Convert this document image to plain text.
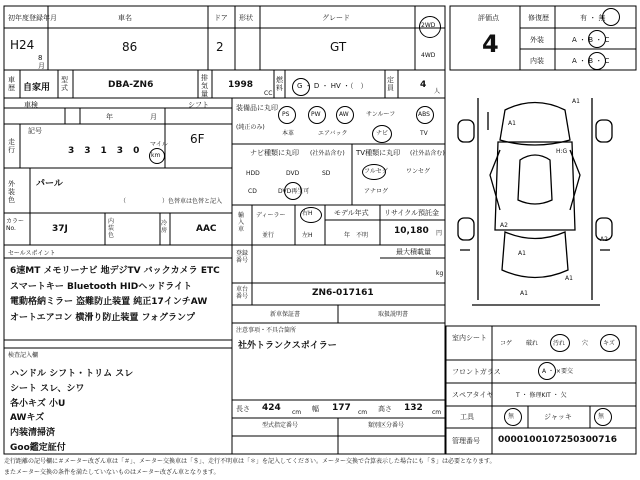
初年度登録年月
H24
8
月
車名
86
ドア
2
形状	グレード
GT
2WD
4WD
車歴 自家用
型式	DBA-ZN6
排気量
1998
CC
燃料 G ・ D ・ HV ・（　）
定員	4
人
評価点
4
修復歴	有 ・ 無
外装	A ・ B ・ C
内装	A ・ B ・ C
車検
年	月
記号
走行	33130
マイル
km
シフト
6F
装備品に丸印
(純正のみ)
PS	PW	AW	サンルーフ	ABS
本革	エアバック	ナビ	TV
ナビ種類に丸印 (社外品含む)
HDD	DVD	SD
CD	DVD再生可
TV種類に丸印 (社外品含む)
フルセグ	ワンセグ
アナログ
外装色
パール
（　　　　　　）色替車は色替と記入
カラーNo.	37J
内装色
冷房	AAC
輸入車
ディーラー
並行
右H
左H
モデル年式
年　不明
リサイクル預託金
10,180 円
最大積載量
kg
登録番号
車台番号	ZN6-017161
新車保証書	取扱説明書
セールスポイント
6速MT メモリーナビ 地デジTV バックカメラ ETC
スマートキー Bluetooth HIDヘッドライト
電動格納ミラー 盗難防止装置 純正17インチAW
オートエアコン 横滑り防止装置 フォグランプ
注意事項・不具合箇所
社外トランクスポイラー
検査記入欄
ハンドル シフト・トリム スレ
シート スレ、シワ
各小キズ 小U
AWキズ
内装清掃済
Goo鑑定証付
長さ 424 cm 幅 177 cm 高さ 132 cm
型式指定番号	類別区分番号
室内シート
コゲ 破れ 汚れ	穴 キズ
フロントガラス	A ・ ×要交
スペアタイヤ	T ・ 修理KIT ・ 欠
工具	無	ジャッキ	無
管理番号 0000100107250300716
A1
A1
H:G
A2
A1
A1
A2
A1
走行距離の記号欄に＃メーター改ざん車は「＃」、メーター交換車は「＄」、走行不明車は「＊」を記入してください。メーター交換で合算表示した場合にも「＄」は必要となります。
またメーター交換の条件を満たしていないものはメーター改ざん車となります。
